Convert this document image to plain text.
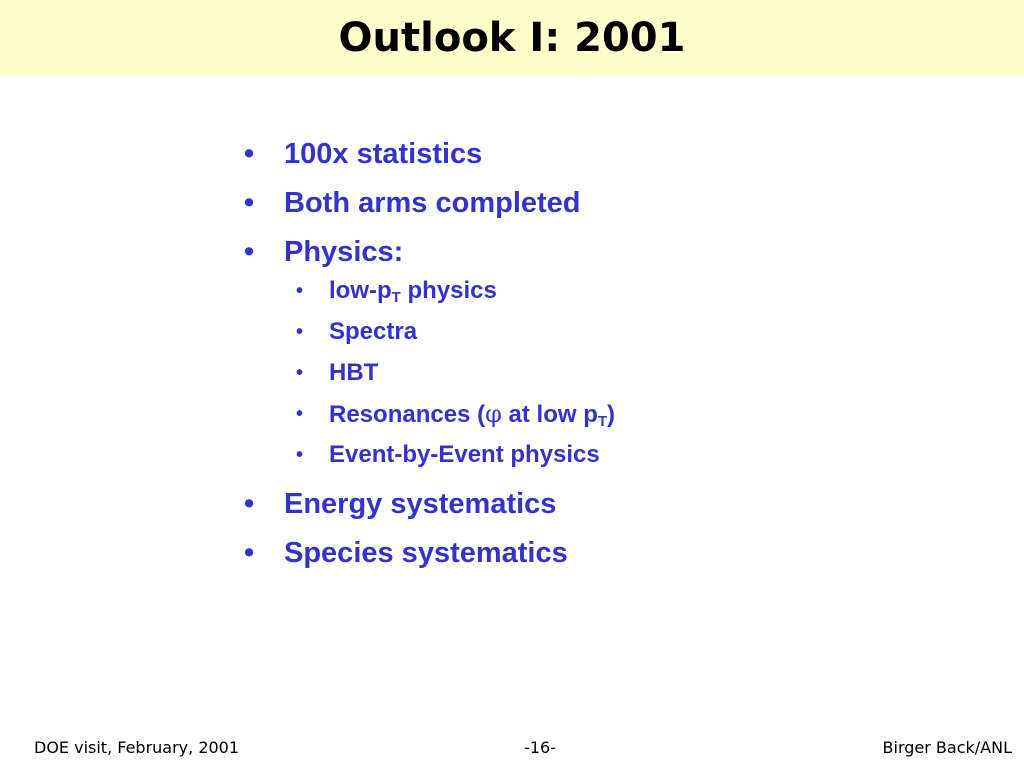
Outlook I: 2001
• 100x statistics
• Both arms completed
• Physics:
• low-$p_T$ physics
• Spectra
• HBT
• Resonances (φ at low $p_T$)
• Event-by-Event physics
• Energy systematics
• Species systematics
DOE visit, February, 2001	-16-	Birger Back/ANL
